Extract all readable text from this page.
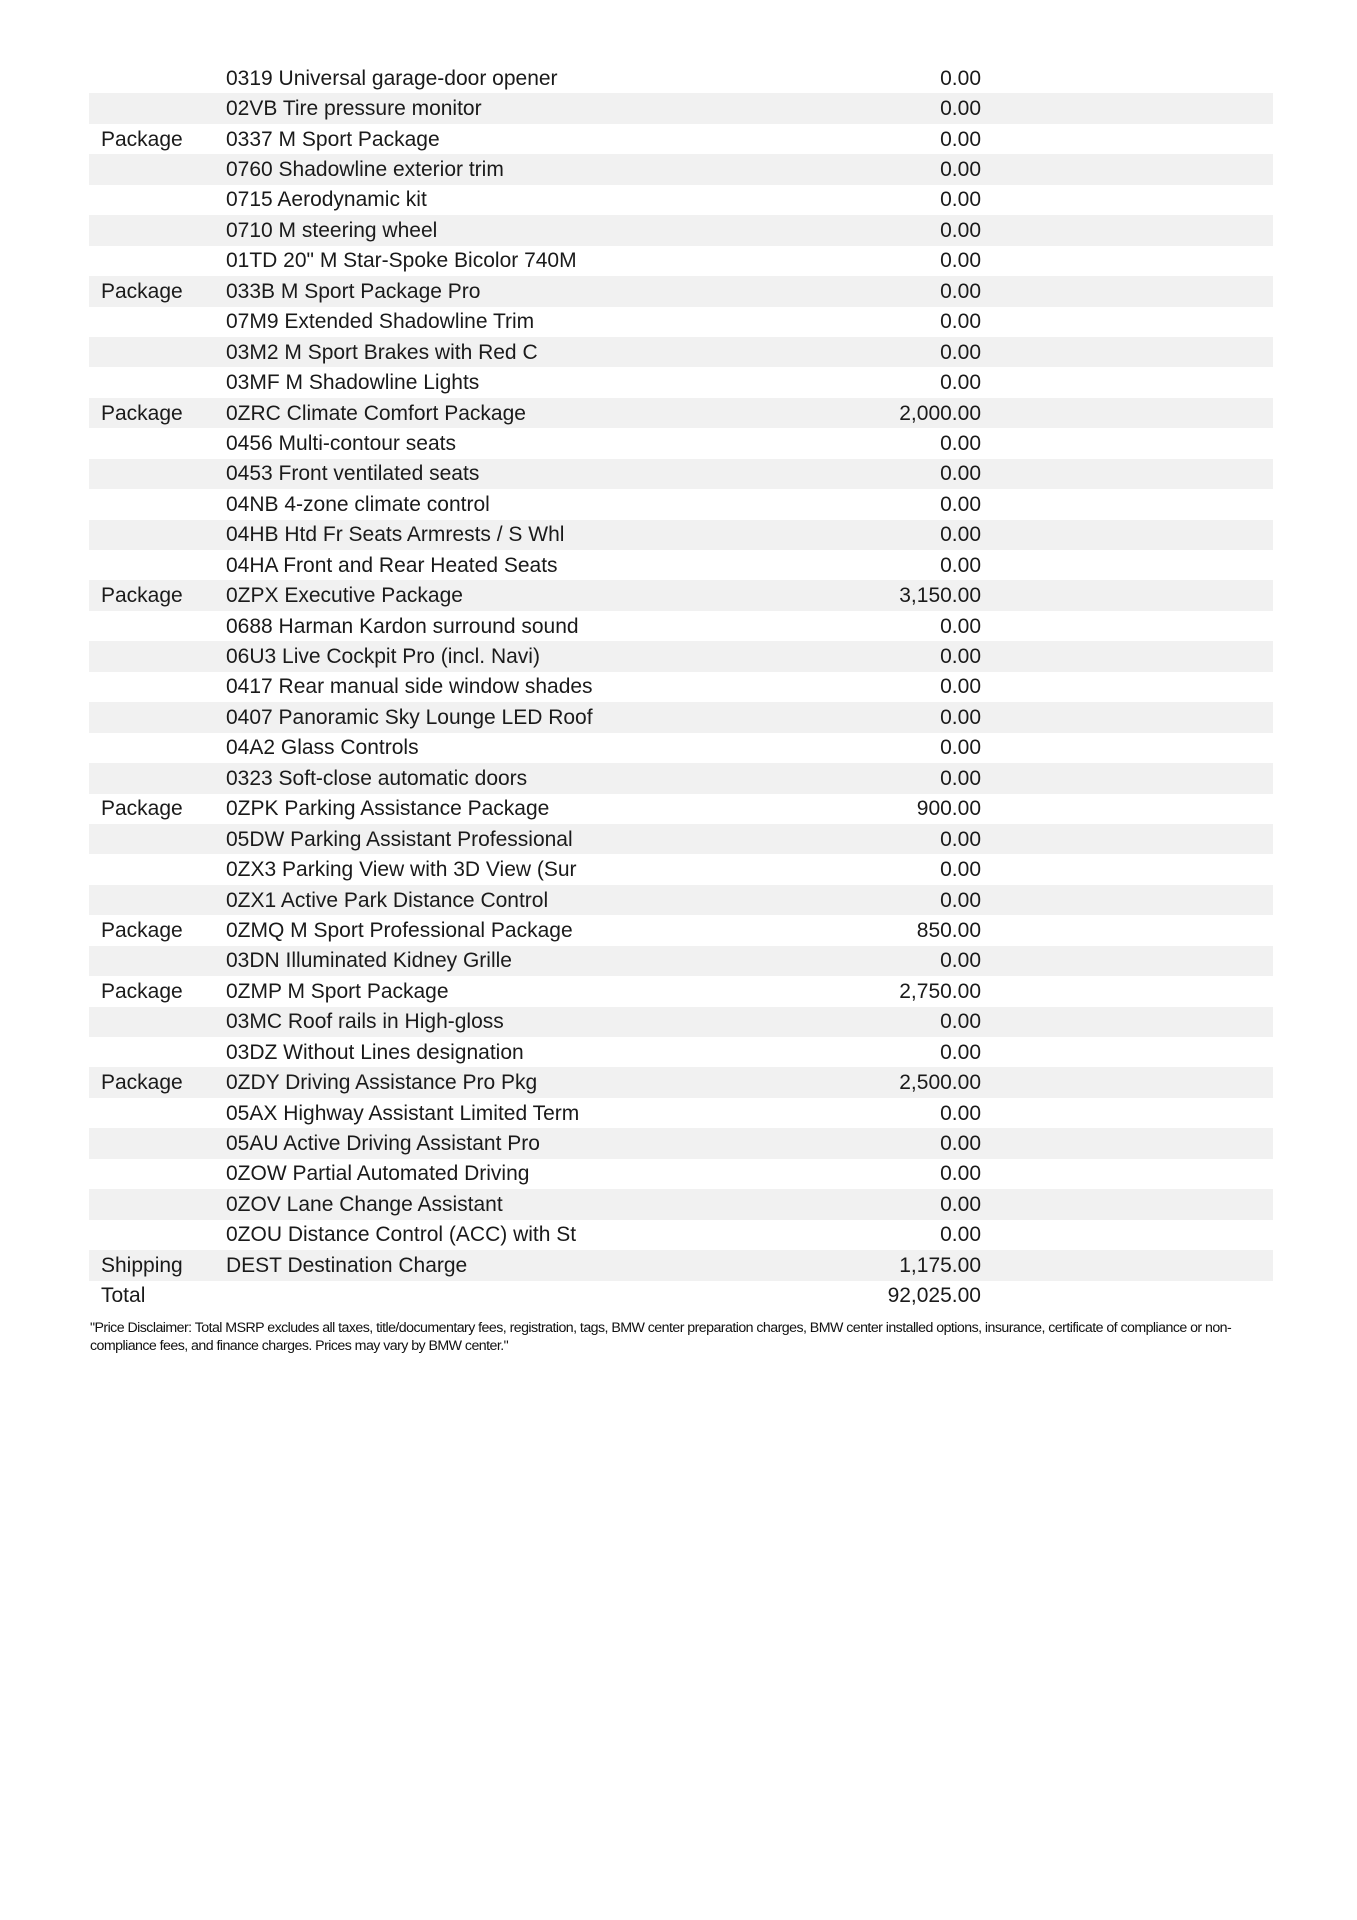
	0319 Universal garage-door opener	0.00	
	02VB Tire pressure monitor	0.00	
Package	0337 M Sport Package	0.00	
	0760 Shadowline exterior trim	0.00	
	0715 Aerodynamic kit	0.00	
	0710 M steering wheel	0.00	
	01TD 20" M Star-Spoke Bicolor 740M	0.00	
Package	033B M Sport Package Pro	0.00	
	07M9 Extended Shadowline Trim	0.00	
	03M2 M Sport Brakes with Red C	0.00	
	03MF M Shadowline Lights	0.00	
Package	0ZRC Climate Comfort Package	2,000.00	
	0456 Multi-contour seats	0.00	
	0453 Front ventilated seats	0.00	
	04NB 4-zone climate control	0.00	
	04HB Htd Fr Seats Armrests / S Whl	0.00	
	04HA Front and Rear Heated Seats	0.00	
Package	0ZPX Executive Package	3,150.00	
	0688 Harman Kardon surround sound	0.00	
	06U3 Live Cockpit Pro (incl. Navi)	0.00	
	0417 Rear manual side window shades	0.00	
	0407 Panoramic Sky Lounge LED Roof	0.00	
	04A2 Glass Controls	0.00	
	0323 Soft-close automatic doors	0.00	
Package	0ZPK Parking Assistance Package	900.00	
	05DW Parking Assistant Professional	0.00	
	0ZX3 Parking View with 3D View (Sur	0.00	
	0ZX1 Active Park Distance Control	0.00	
Package	0ZMQ M Sport Professional Package	850.00	
	03DN Illuminated Kidney Grille	0.00	
Package	0ZMP M Sport Package	2,750.00	
	03MC Roof rails in High-gloss	0.00	
	03DZ Without Lines designation	0.00	
Package	0ZDY Driving Assistance Pro Pkg	2,500.00	
	05AX Highway Assistant Limited Term	0.00	
	05AU Active Driving Assistant Pro	0.00	
	0ZOW Partial Automated Driving	0.00	
	0ZOV Lane Change Assistant	0.00	
	0ZOU Distance Control (ACC) with St	0.00	
Shipping	DEST Destination Charge	1,175.00	
Total		92,025.00	
"Price Disclaimer: Total MSRP excludes all taxes, title/documentary fees, registration, tags, BMW center preparation charges, BMW center installed options, insurance, certificate of compliance or non-compliance fees, and finance charges. Prices may vary by BMW center."
